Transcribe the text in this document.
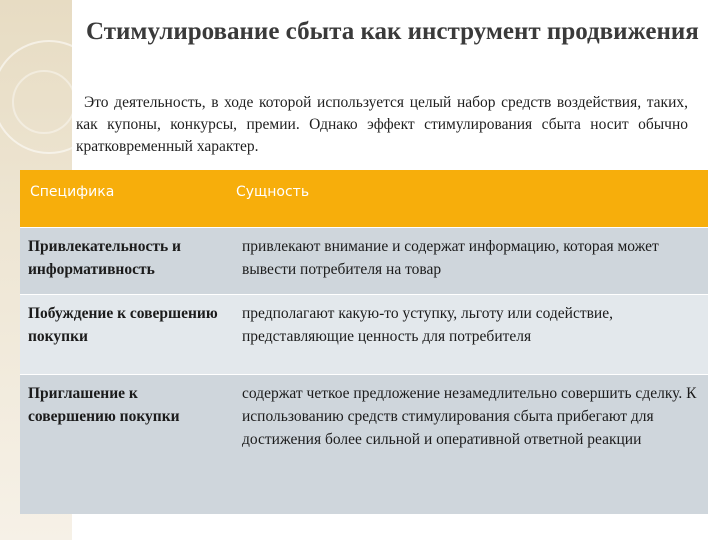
Стимулирование сбыта как инструмент продвижения

Это деятельность, в ходе которой используется целый набор средств воздействия, таких, как купоны, конкурсы, премии. Однако эффект стимулирования сбыта носит обычно кратковременный характер.

Специфика	Сущность
Привлекательность и информативность	привлекают внимание и содержат информацию, которая может вывести потребителя на товар
Побуждение к совершению покупки	предполагают какую-то уступку, льготу или содействие, представляющие ценность для потребителя
Приглашение к совершению покупки	содержат четкое предложение незамедлительно совершить сделку. К использованию средств стимулирования сбыта прибегают для достижения более сильной и оперативной ответной реакции
